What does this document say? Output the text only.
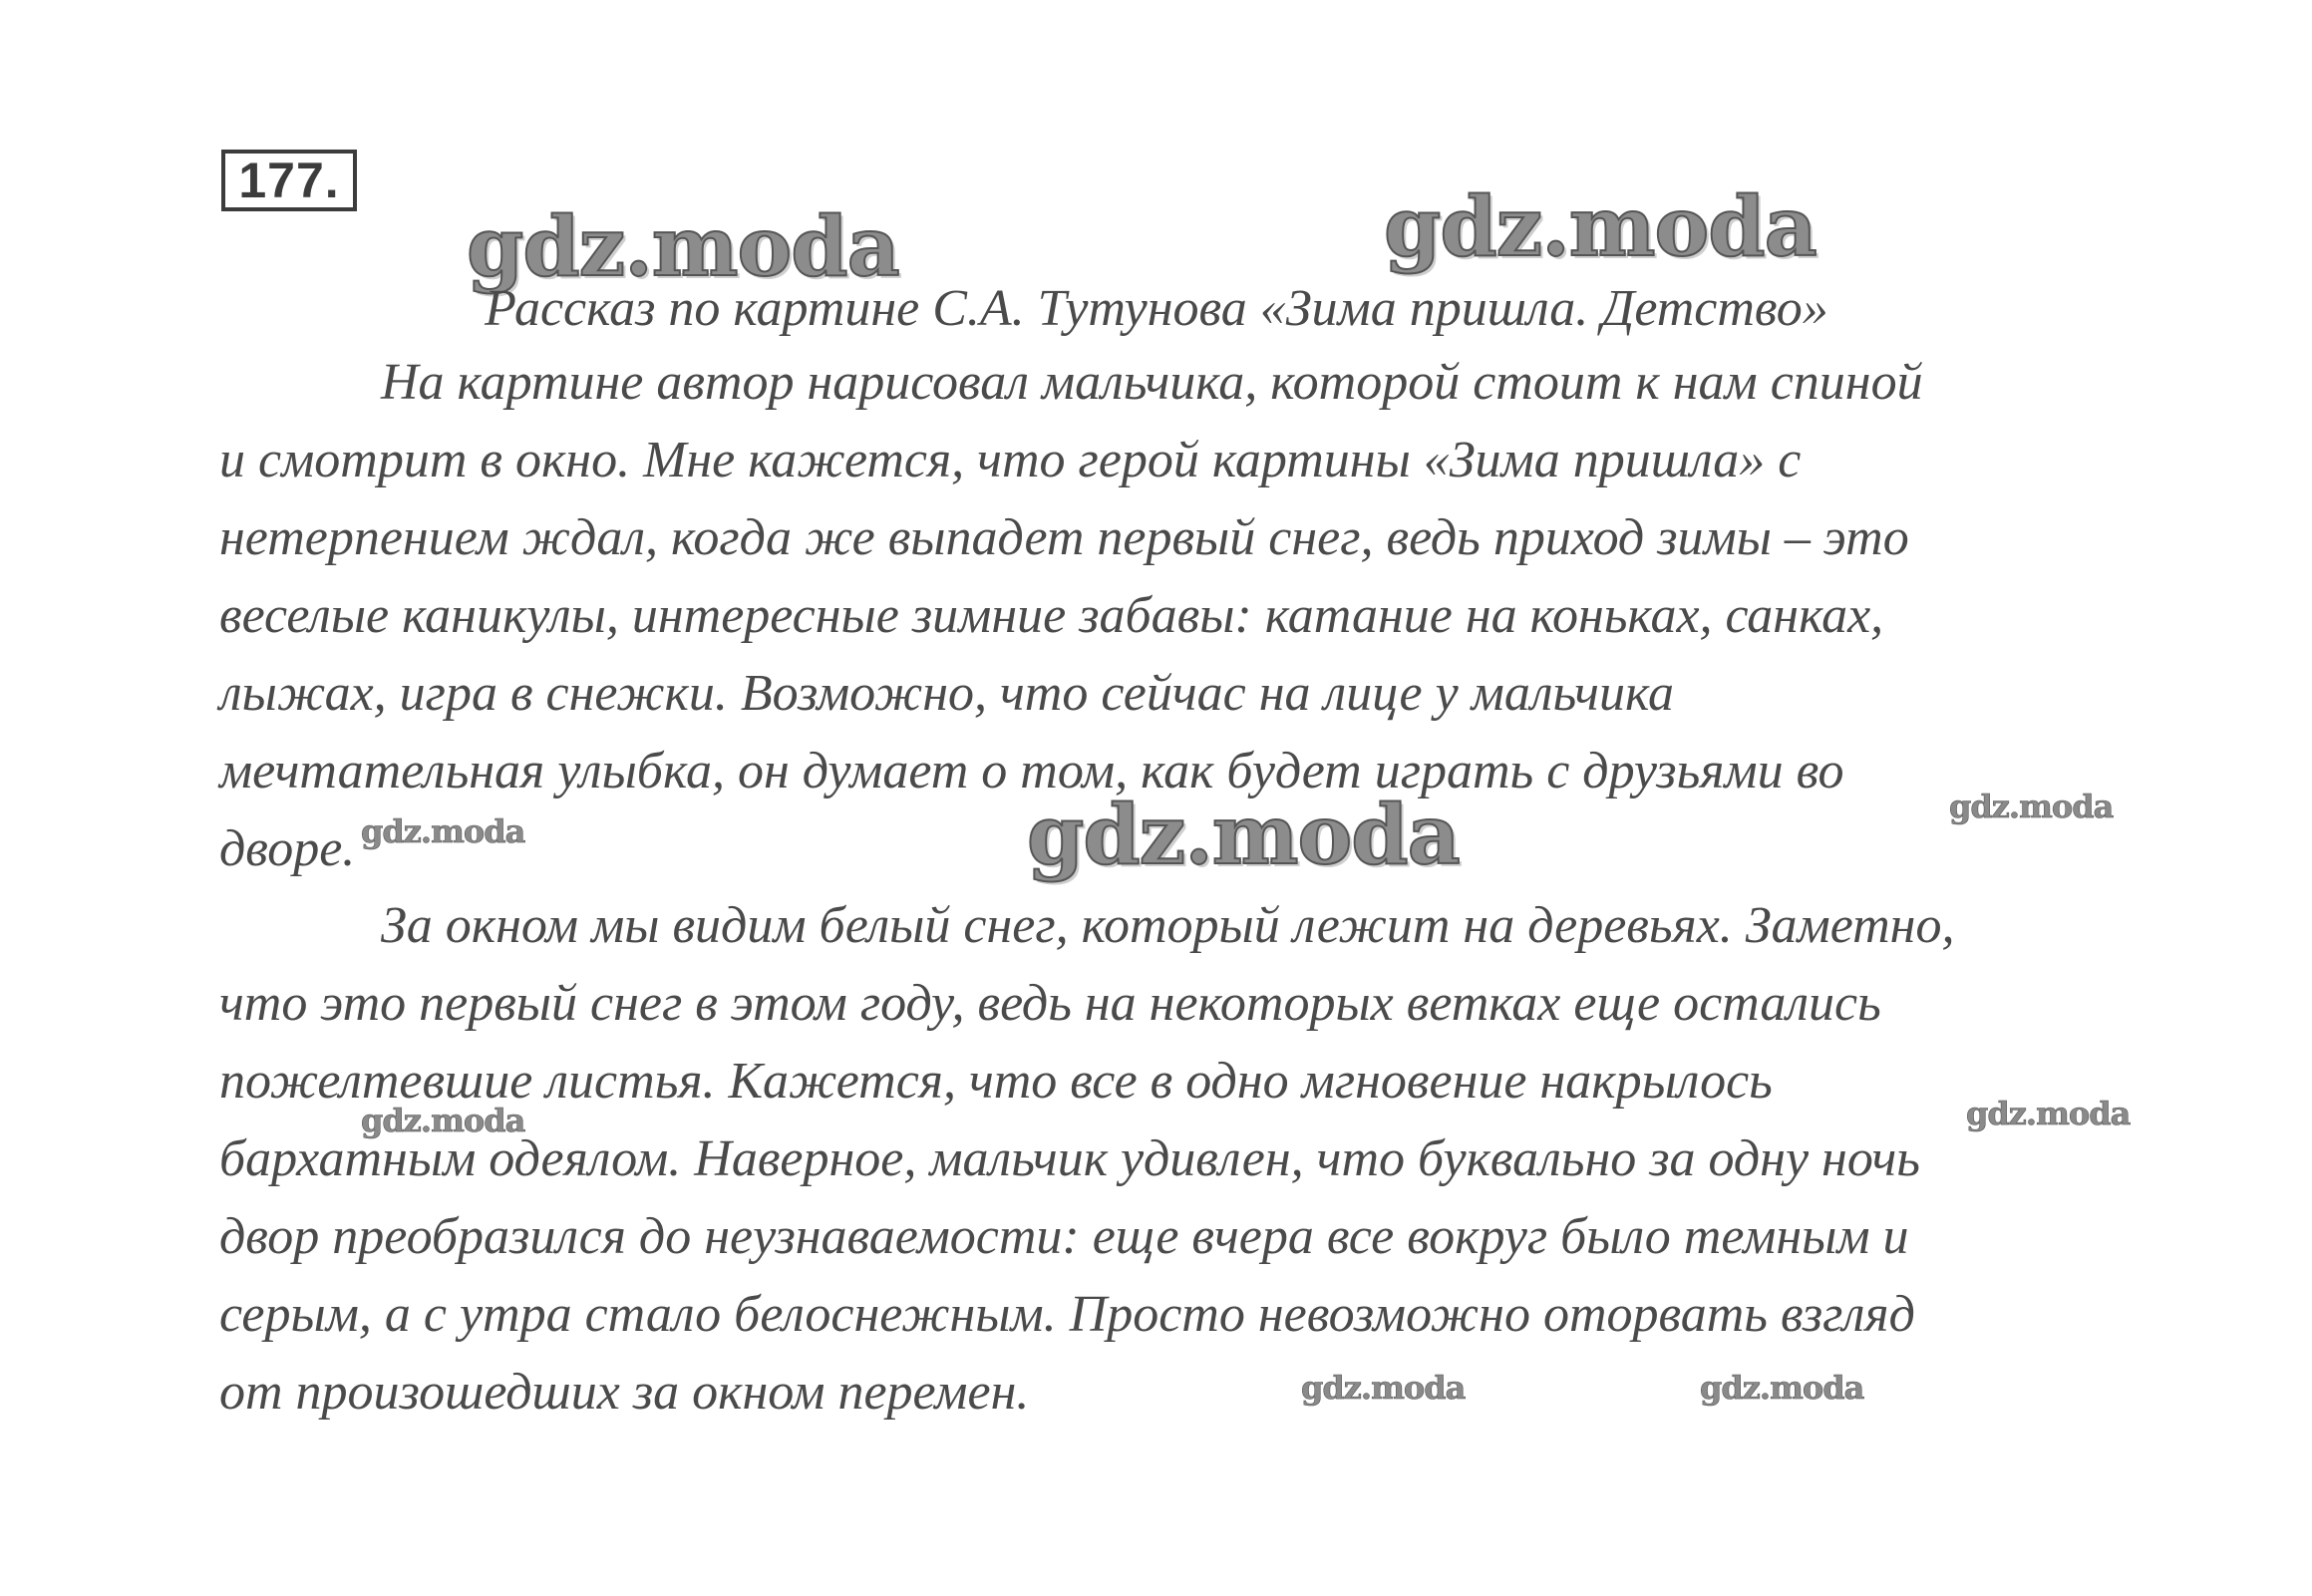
177.
gdz.moda	gdz.moda
gdz.moda
gdz.moda
gdz.moda
gdz.moda	gdz.moda
gdz.moda	gdz.moda
Рассказ по картине С.А. Тутунова «Зима пришла. Детство»
На картине автор нарисовал мальчика, которой стоит к нам спиной
и смотрит в окно. Мне кажется, что герой картины «Зима пришла» с
нетерпением ждал, когда же выпадет первый снег, ведь приход зимы – это
веселые каникулы, интересные зимние забавы: катание на коньках, санках,
лыжах, игра в снежки. Возможно, что сейчас на лице у мальчика
мечтательная улыбка, он думает о том, как будет играть с друзьями во
дворе.
За окном мы видим белый снег, который лежит на деревьях. Заметно,
что это первый снег в этом году, ведь на некоторых ветках еще остались
пожелтевшие листья. Кажется, что все в одно мгновение накрылось
бархатным одеялом. Наверное, мальчик удивлен, что буквально за одну ночь
двор преобразился до неузнаваемости: еще вчера все вокруг было темным и
серым, а с утра стало белоснежным. Просто невозможно оторвать взгляд
от произошедших за окном перемен.
